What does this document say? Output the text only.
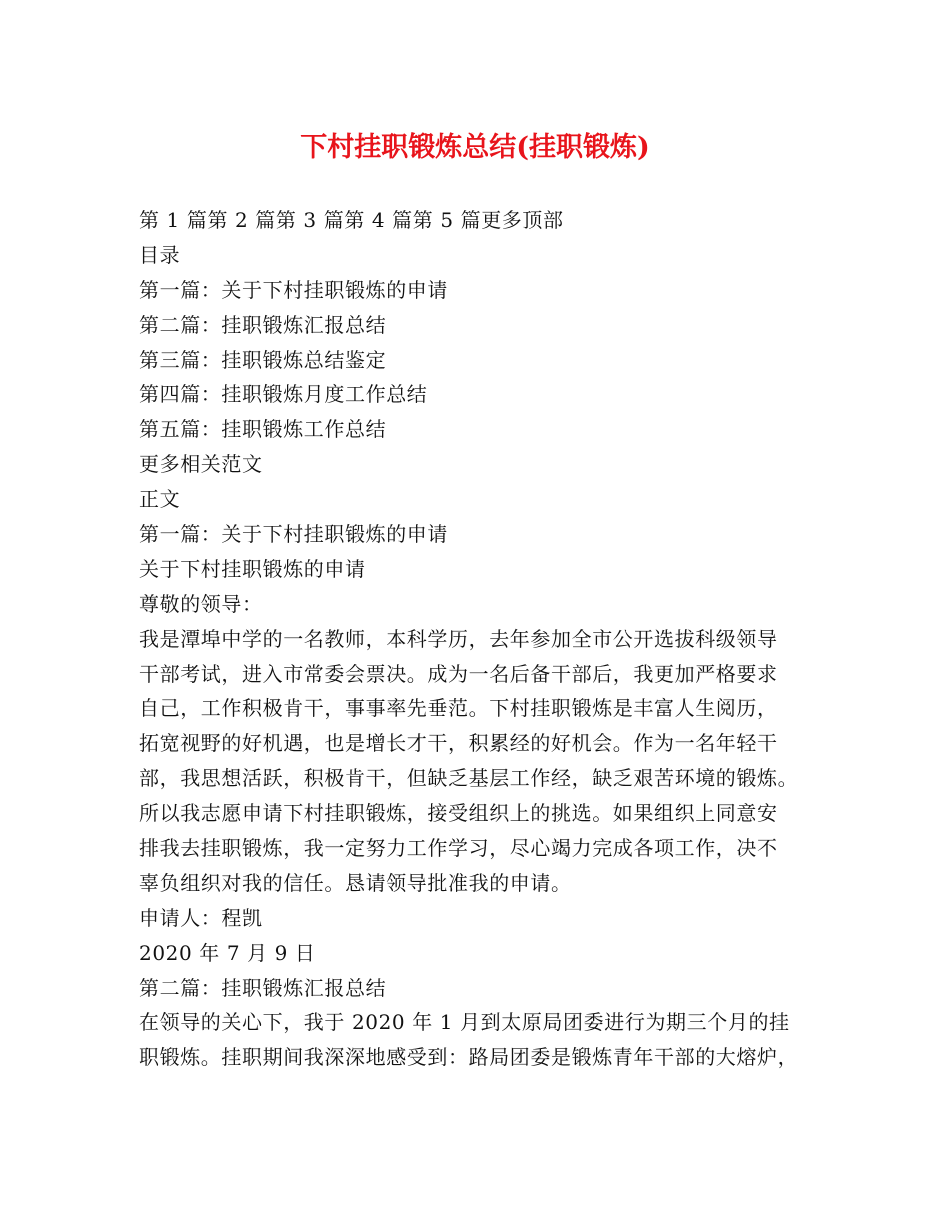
下村挂职锻炼总结(挂职锻炼)
第 1 篇第 2 篇第 3 篇第 4 篇第 5 篇更多顶部
目录
第一篇：关于下村挂职锻炼的申请
第二篇：挂职锻炼汇报总结
第三篇：挂职锻炼总结鉴定
第四篇：挂职锻炼月度工作总结
第五篇：挂职锻炼工作总结
更多相关范文
正文
第一篇：关于下村挂职锻炼的申请
关于下村挂职锻炼的申请
尊敬的领导：
我是潭埠中学的一名教师，本科学历，去年参加全市公开选拔科级领导
干部考试，进入市常委会票决。成为一名后备干部后，我更加严格要求
自己，工作积极肯干，事事率先垂范。下村挂职锻炼是丰富人生阅历，
拓宽视野的好机遇，也是增长才干，积累经的好机会。作为一名年轻干
部，我思想活跃，积极肯干，但缺乏基层工作经，缺乏艰苦环境的锻炼。
所以我志愿申请下村挂职锻炼，接受组织上的挑选。如果组织上同意安
排我去挂职锻炼，我一定努力工作学习，尽心竭力完成各项工作，决不
辜负组织对我的信任。恳请领导批准我的申请。
申请人：程凯
2020 年 7 月 9 日
第二篇：挂职锻炼汇报总结
在领导的关心下，我于 2020 年 1 月到太原局团委进行为期三个月的挂
职锻炼。挂职期间我深深地感受到：路局团委是锻炼青年干部的大熔炉，
